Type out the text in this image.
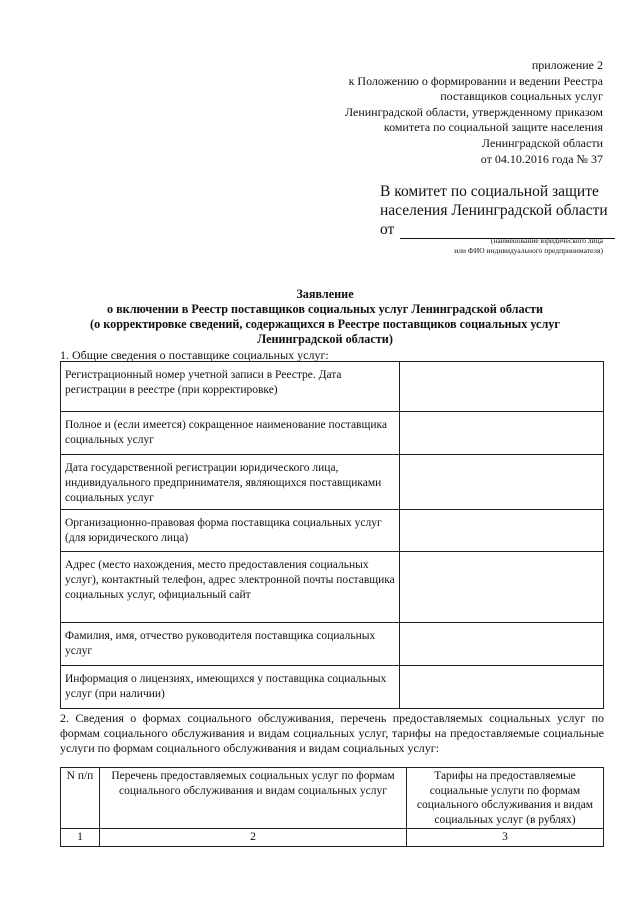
приложение 2
к Положению о формировании и ведении Реестра
поставщиков социальных услуг
Ленинградской области, утвержденному приказом
комитета по социальной защите населения
Ленинградской области
от 04.10.2016 года № 37
В комитет по социальной защите
населения Ленинградской области
от
(наименование юридического лица
или ФИО индивидуального предпринимателя)
Заявление
о включении в Реестр поставщиков социальных услуг Ленинградской области
(о корректировке сведений, содержащихся в Реестре поставщиков социальных услуг
Ленинградской области)
1. Общие сведения о поставщике социальных услуг:
Регистрационный номер учетной записи в Реестре. Дата регистрации в реестре (при корректировке)	
Полное и (если имеется) сокращенное наименование поставщика социальных услуг	
Дата государственной регистрации юридического лица, индивидуального предпринимателя, являющихся поставщиками социальных услуг	
Организационно-правовая форма поставщика социальных услуг (для юридического лица)	
Адрес (место нахождения, место предоставления социальных услуг), контактный телефон, адрес электронной почты поставщика социальных услуг, официальный сайт	
Фамилия, имя, отчество руководителя поставщика социальных услуг	
Информация о лицензиях, имеющихся у поставщика социальных услуг (при наличии)	
2. Сведения о формах социального обслуживания, перечень предоставляемых социальных услуг по формам социального обслуживания и видам социальных услуг, тарифы на предоставляемые социальные услуги по формам социального обслуживания и видам социальных услуг:
N п/п	Перечень предоставляемых социальных услуг по формам социального обслуживания и видам социальных услуг	Тарифы на предоставляемые социальные услуги по формам социального обслуживания и видам социальных услуг (в рублях)
1	2	3
